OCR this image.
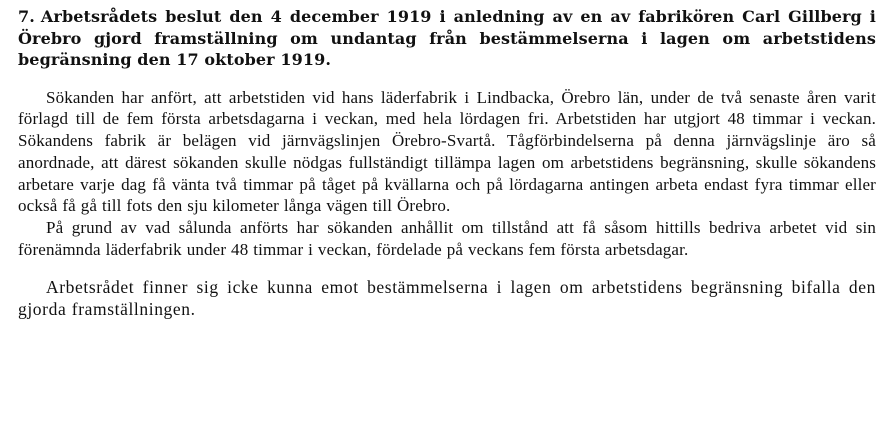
7. Arbetsrådets beslut den 4 december 1919 i anledning av en av fabrikören Carl Gillberg i Örebro gjord framställning om undantag från bestämmelserna i lagen om arbetstidens begränsning den 17 oktober 1919.

Sökanden har anfört, att arbetstiden vid hans läderfabrik i Lindbacka, Örebro län, under de två senaste åren varit förlagd till de fem första arbetsdagarna i veckan, med hela lördagen fri. Arbetstiden har utgjort 48 timmar i veckan. Sökandens fabrik är belägen vid järnvägslinjen Örebro-Svartå. Tågförbindelserna på denna järnvägslinje äro så anordnade, att därest sökanden skulle nödgas fullständigt tillämpa lagen om arbetstidens begränsning, skulle sökandens arbetare varje dag få vänta två timmar på tåget på kvällarna och på lördagarna antingen arbeta endast fyra timmar eller också få gå till fots den sju kilometer långa vägen till Örebro.

På grund av vad sålunda anförts har sökanden anhållit om tillstånd att få såsom hittills bedriva arbetet vid sin förenämnda läderfabrik under 48 timmar i veckan, fördelade på veckans fem första arbetsdagar.

Arbetsrådet finner sig icke kunna emot bestämmelserna i lagen om arbetstidens begränsning bifalla den gjorda framställningen.
